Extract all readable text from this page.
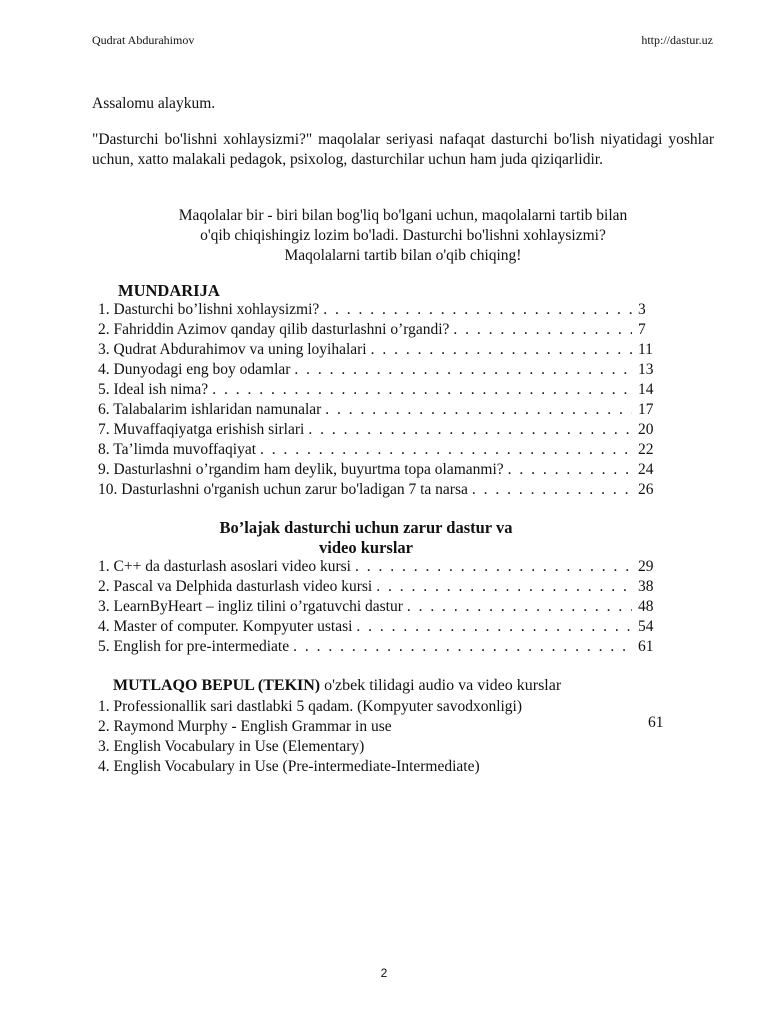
Qudrat Abdurahimov	http://dastur.uz
Assalomu alaykum.
"Dasturchi bo'lishni xohlaysizmi?" maqolalar seriyasi nafaqat dasturchi bo'lish niyatidagi yoshlar uchun, xatto malakali pedagok, psixolog, dasturchilar uchun ham juda qiziqarlidir.
Maqolalar bir - biri bilan bog'liq bo'lgani uchun, maqolalarni tartib bilan
o'qib chiqishingiz lozim bo'ladi. Dasturchi bo'lishni xohlaysizmi?
Maqolalarni tartib bilan o'qib chiqing!
MUNDARIJA
1. Dasturchi bo’lishni xohlaysizmi? . . .	3
2. Fahriddin Azimov qanday qilib dasturlashni o’rgandi? . . .	7
3. Qudrat Abdurahimov va uning loyihalari . . .	11
4. Dunyodagi eng boy odamlar . . .	13
5. Ideal ish nima? . . .	14
6. Talabalarim ishlaridan namunalar . . .	17
7. Muvaffaqiyatga erishish sirlari . . .	20
8. Ta’limda muvoffaqiyat . . .	22
9. Dasturlashni o’rgandim ham deylik, buyurtma topa olamanmi? . . .	24
10. Dasturlashni o'rganish uchun zarur bo'ladigan 7 ta narsa . . .	26
Bo’lajak dasturchi uchun zarur dastur va
video kurslar
1. C++ da dasturlash asoslari video kursi . . .	29
2. Pascal va Delphida dasturlash video kursi . . .	38
3. LearnByHeart – ingliz tilini o’rgatuvchi dastur . . .	48
4. Master of computer. Kompyuter ustasi . . .	54
5. English for pre-intermediate . . .	61
MUTLAQO BEPUL (TEKIN) o'zbek tilidagi audio va video kurslar
1. Professionallik sari dastlabki 5 qadam. (Kompyuter savodxonligi)
2. Raymond Murphy - English Grammar in use
3. English Vocabulary in Use (Elementary)
4. English Vocabulary in Use (Pre-intermediate-Intermediate)
61
2
